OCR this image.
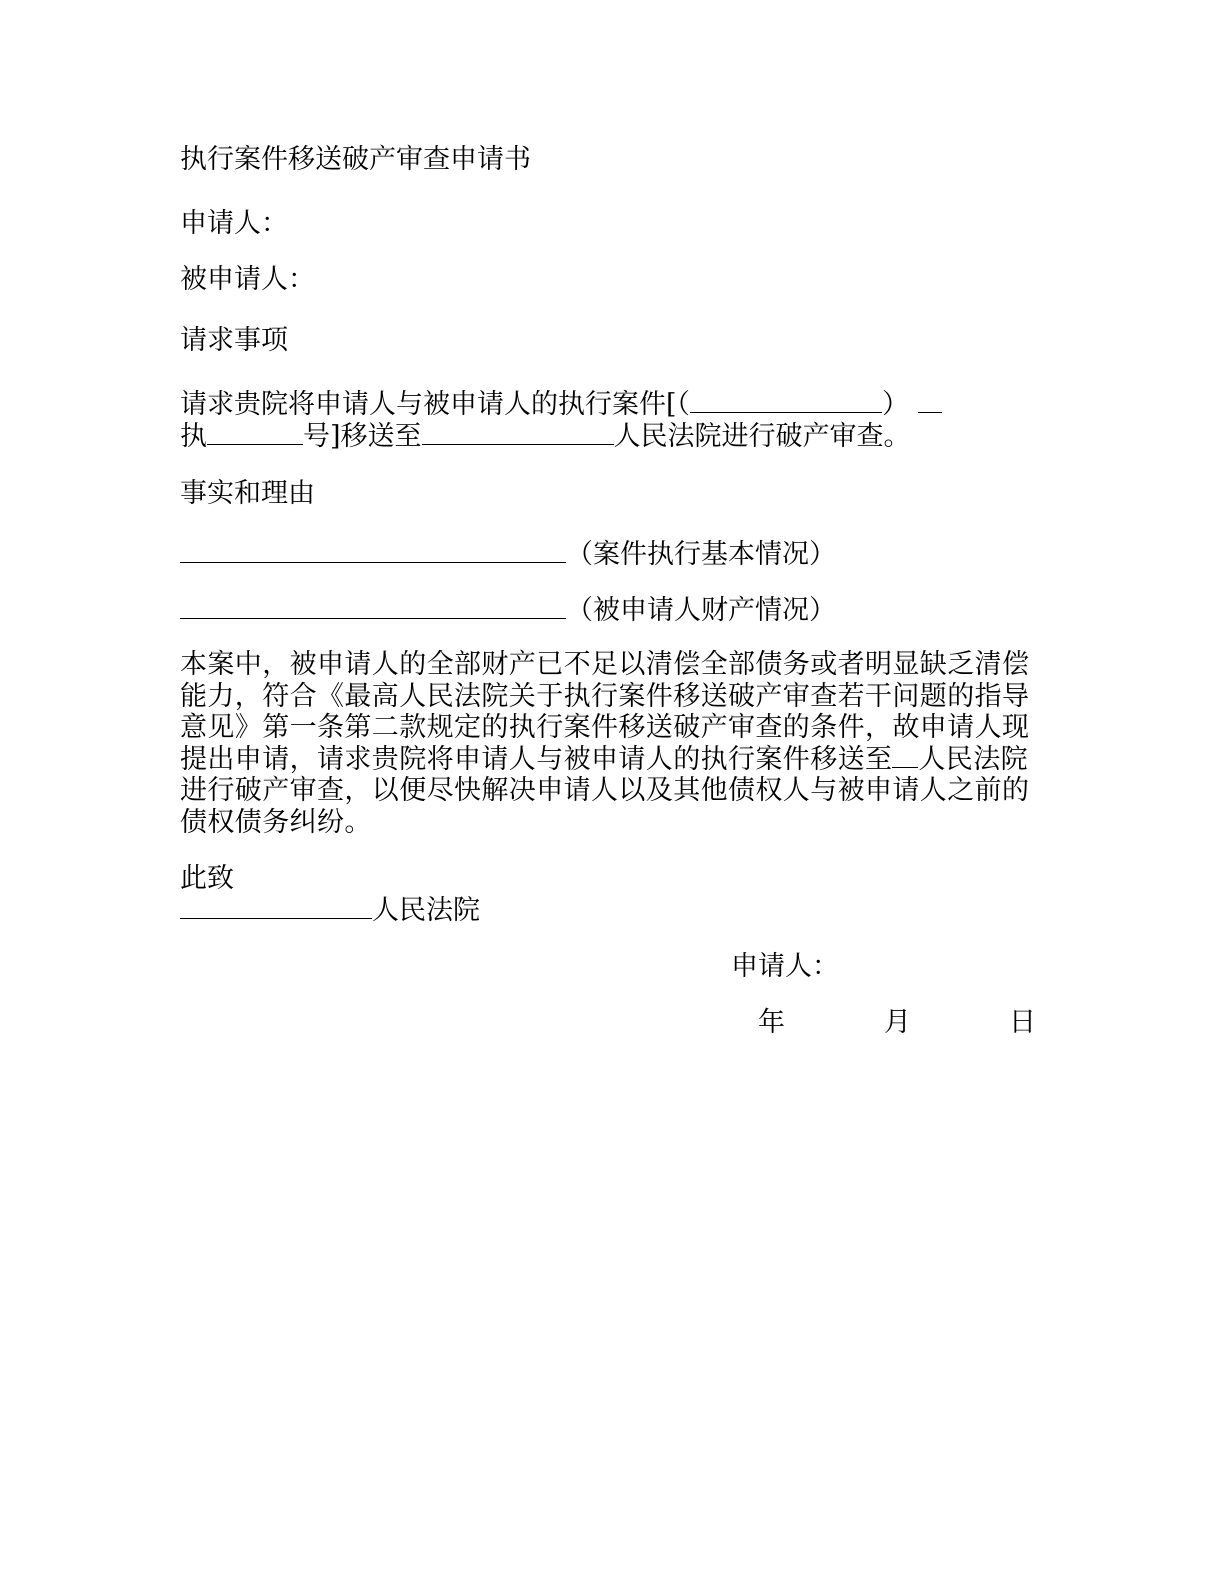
执行案件移送破产审查申请书
申请人：
被申请人：
请求事项
请求贵院将申请人与被申请人的执行案件[（	）
执	号]移送至	人民法院进行破产审查。
事实和理由
（案件执行基本情况）
（被申请人财产情况）
本案中，被申请人的全部财产已不足以清偿全部债务或者明显缺乏清偿能力，符合《最高人民法院关于执行案件移送破产审查若干问题的指导意见》第一条第二款规定的执行案件移送破产审查的条件，故申请人现提出申请，请求贵院将申请人与被申请人的执行案件移送至 人民法院进行破产审查，以便尽快解决申请人以及其他债权人与被申请人之前的债权债务纠纷。
此致
人民法院
申请人：
年	月	日
